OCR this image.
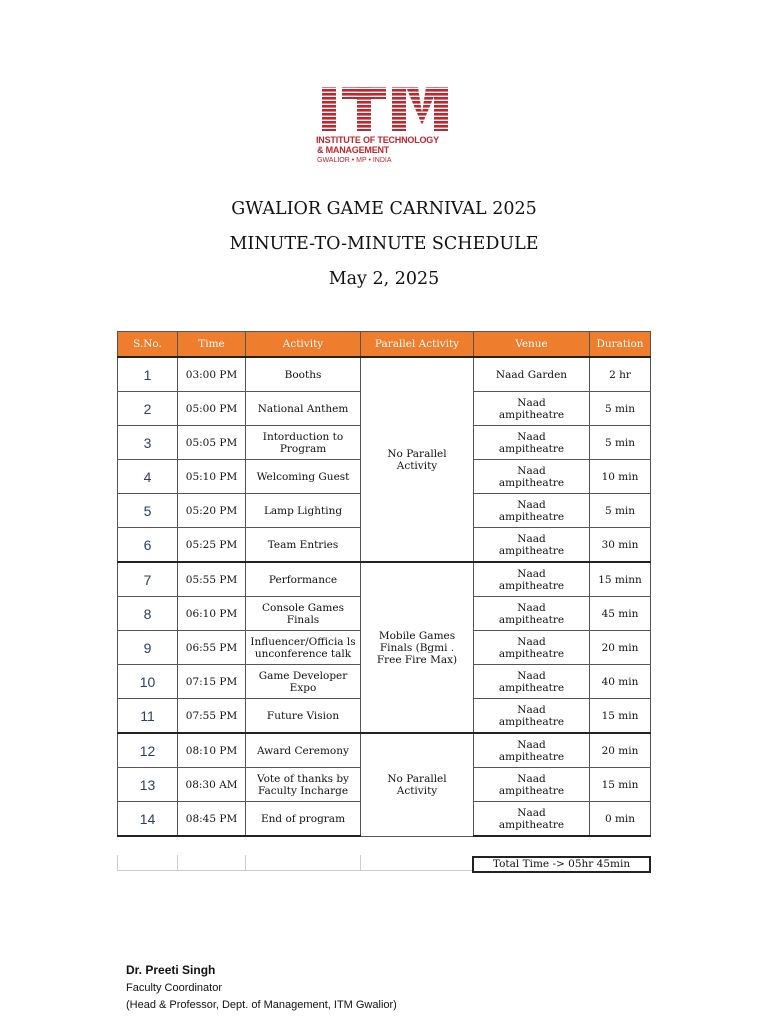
INSTITUTE OF TECHNOLOGY
& MANAGEMENT
GWALIOR • MP • INDIA
GWALIOR GAME CARNIVAL 2025
MINUTE-TO-MINUTE SCHEDULE
May 2, 2025
S.No.	Time	Activity	Parallel Activity	Venue	Duration
1	03:00 PM	Booths	No Parallel Activity	Naad Garden	2 hr
2	05:00 PM	National Anthem		Naad ampitheatre	5 min
3	05:05 PM	Intorduction to Program		Naad ampitheatre	5 min
4	05:10 PM	Welcoming Guest		Naad ampitheatre	10 min
5	05:20 PM	Lamp Lighting		Naad ampitheatre	5 min
6	05:25 PM	Team Entries		Naad ampitheatre	30 min
7	05:55 PM	Performance	Mobile Games Finals (Bgmi . Free Fire Max)	Naad ampitheatre	15 minn
8	06:10 PM	Console Games Finals		Naad ampitheatre	45 min
9	06:55 PM	Influencer/Officia ls unconference talk		Naad ampitheatre	20 min
10	07:15 PM	Game Developer Expo		Naad ampitheatre	40 min
11	07:55 PM	Future Vision		Naad ampitheatre	15 min
12	08:10 PM	Award Ceremony	No Parallel Activity	Naad ampitheatre	20 min
13	08:30 AM	Vote of thanks by Faculty Incharge		Naad ampitheatre	15 min
14	08:45 PM	End of program		Naad ampitheatre	0 min
Total Time -> 05hr 45min
Dr. Preeti Singh
Faculty Coordinator
(Head & Professor, Dept. of Management, ITM Gwalior)
